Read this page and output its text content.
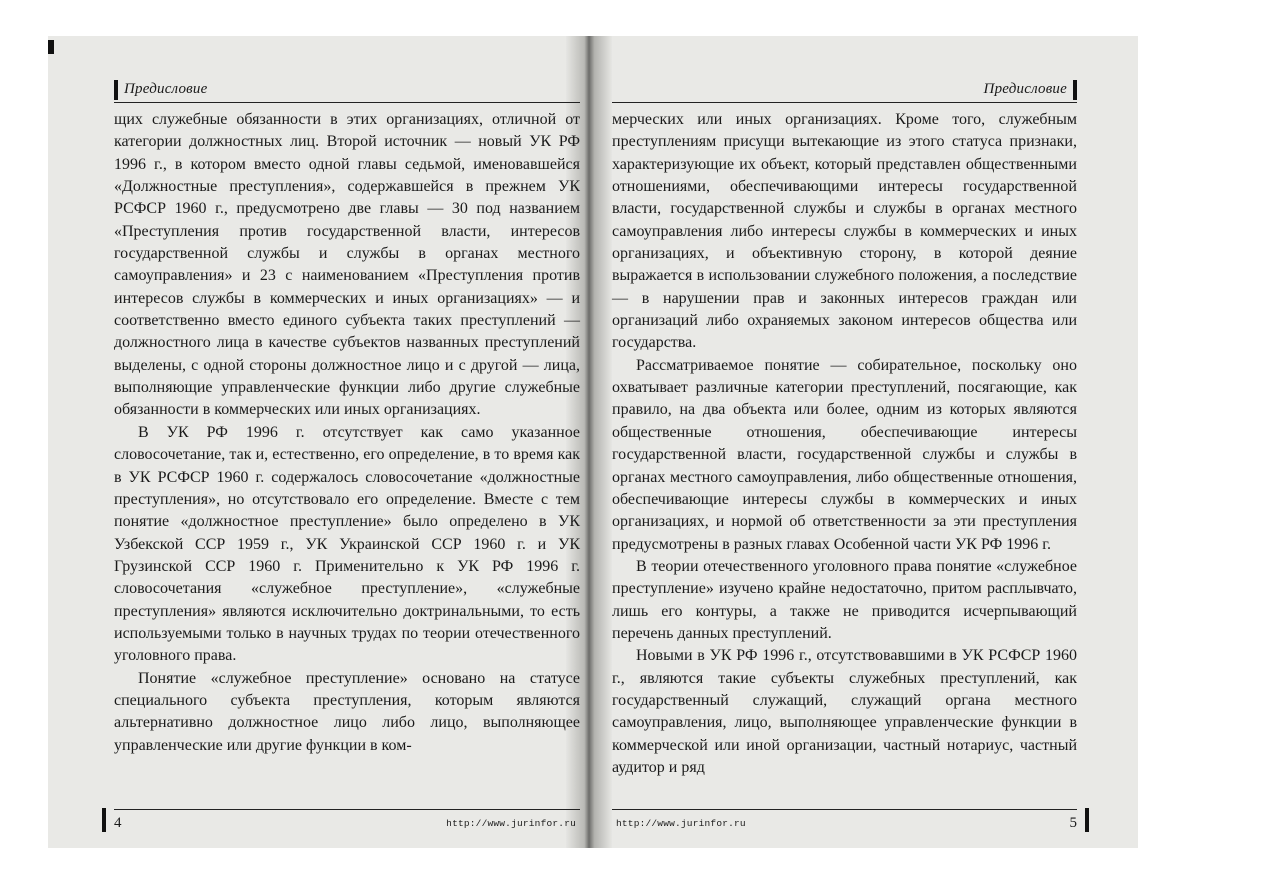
Предисловие

щих служебные обязанности в этих организациях, отличной от категории должностных лиц. Второй источник — новый УК РФ 1996 г., в котором вместо одной главы седьмой, именовавшейся «Должностные преступления», содержавшейся в прежнем УК РСФСР 1960 г., предусмотрено две главы — 30 под названием «Преступления против государственной власти, интересов государственной службы и службы в органах местного самоуправления» и 23 с наименованием «Преступления против интересов службы в коммерческих и иных организациях» — и соответственно вместо единого субъекта таких преступлений — должностного лица в качестве субъектов названных преступлений выделены, с одной стороны должностное лицо и с другой — лица, выполняющие управленческие функции либо другие служебные обязанности в коммерческих или иных организациях.

В УК РФ 1996 г. отсутствует как само указанное словосочетание, так и, естественно, его определение, в то время как в УК РСФСР 1960 г. содержалось словосочетание «должностные преступления», но отсутствовало его определение. Вместе с тем понятие «должностное преступление» было определено в УК Узбекской ССР 1959 г., УК Украинской ССР 1960 г. и УК Грузинской ССР 1960 г. Применительно к УК РФ 1996 г. словосочетания «служебное преступление», «служебные преступления» являются исключительно доктринальными, то есть используемыми только в научных трудах по теории отечественного уголовного права.

Понятие «служебное преступление» основано на статусе специального субъекта преступления, которым являются альтернативно должностное лицо либо лицо, выполняющее управленческие или другие функции в ком-

4	http://www.jurinfor.ru
Предисловие

мерческих или иных организациях. Кроме того, служебным преступлениям присущи вытекающие из этого статуса признаки, характеризующие их объект, который представлен общественными отношениями, обеспечивающими интересы государственной власти, государственной службы и службы в органах местного самоуправления либо интересы службы в коммерческих и иных организациях, и объективную сторону, в которой деяние выражается в использовании служебного положения, а последствие — в нарушении прав и законных интересов граждан или организаций либо охраняемых законом интересов общества или государства.

Рассматриваемое понятие — собирательное, поскольку оно охватывает различные категории преступлений, посягающие, как правило, на два объекта или более, одним из которых являются общественные отношения, обеспечивающие интересы государственной власти, государственной службы и службы в органах местного самоуправления, либо общественные отношения, обеспечивающие интересы службы в коммерческих и иных организациях, и нормой об ответственности за эти преступления предусмотрены в разных главах Особенной части УК РФ 1996 г.

В теории отечественного уголовного права понятие «служебное преступление» изучено крайне недостаточно, притом расплывчато, лишь его контуры, а также не приводится исчерпывающий перечень данных преступлений.

Новыми в УК РФ 1996 г., отсутствовавшими в УК РСФСР 1960 г., являются такие субъекты служебных преступлений, как государственный служащий, служащий органа местного самоуправления, лицо, выполняющее управленческие функции в коммерческой или иной организации, частный нотариус, частный аудитор и ряд

http://www.jurinfor.ru	5
